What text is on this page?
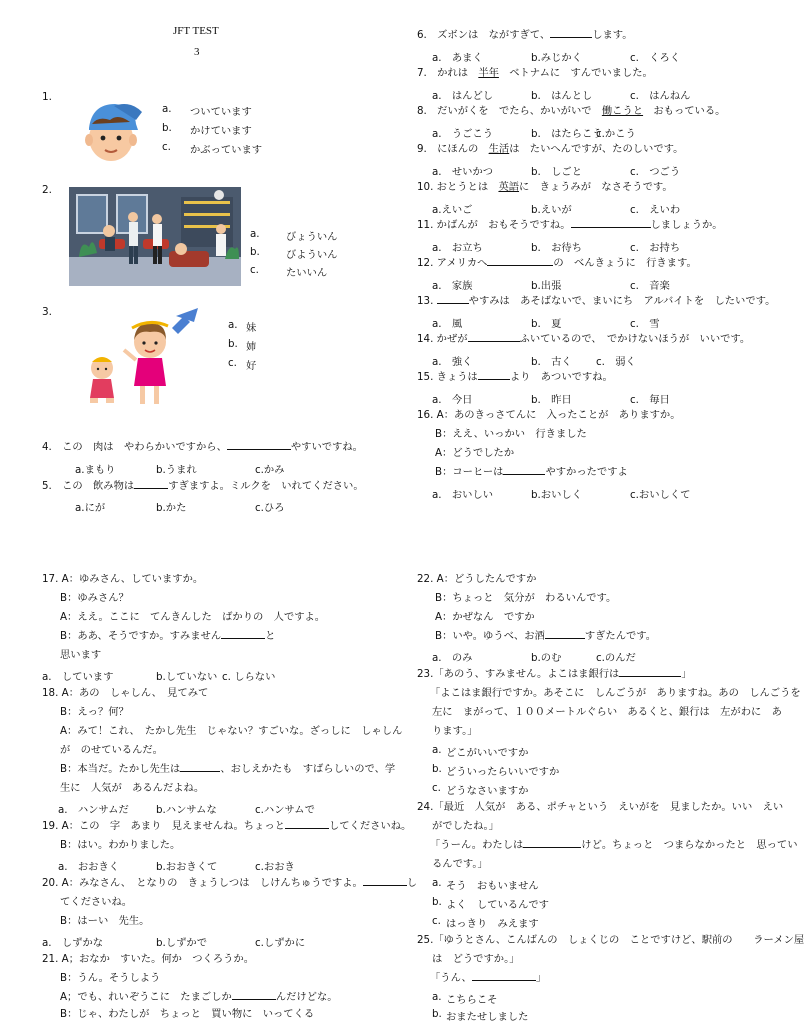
JFT TEST
3
1.
a. ついています
b. かけています
c. かぶっています
2.
a.	びょういん
b.	びよういん
c.	たいいん
3.
a. 妹
b. 姉
c. 好
4.　この　肉は　やわらかいですから、	やすいですね。
a.まもり	b.うまれ	c.かみ
5.　この　飲み物は	すぎますよ。ミルクを　いれてください。
a.にが	b.かた	c.ひろ
6.　ズボンは　ながすぎて、	します。
a.　あまく	b.みじかく	c.　くろく
7.　かれは　半年　ベトナムに　すんでいました。
a.　はんどし	b.　はんとし	c.　はんねん
8.　だいがくを　でたら、かいがいで　働こうと　おもっている。
a.　うごこう	b.　はたらこう
c.かこう
9.　にほんの　生活は　たいへんですが、たのしいです。
a.　せいかつ	b.　しごと	c.　つごう
10. おとうとは　英語に　きょうみが　なさそうです。
a.えいご	b.えいが	c.　えいわ
11. かばんが　おもそうですね。	しましょうか。
a.　お立ち	b.　お待ち	c.　お持ち
12. アメリカへ	の　べんきょうに　行きます。
a.　家族	b.出張	c.　音楽
13.	やすみは　あそばないで、まいにち　アルバイトを　したいです。
a.　風	b.　夏	c.　雪
14. かぜが	ふいているので、　でかけないほうが　いいです。
a.　強く	b.　古く c.　弱く
15. きょうは	より　あついですね。
a.　今日	b.　昨日	c.　毎日
16. A：あのきっさてんに　入ったことが　ありますか。
B：ええ、いっかい　行きました
A：どうでしたか
B：コーヒーは	やすかったですよ
a.　おいしい	b.おいしく	c.おいしくて
17. A：ゆみさん、していますか。
B：ゆみさん？
A：ええ。ここに　てんきんした　ばかりの　人ですよ。
B：ああ、そうですか。すみません	と
思います
a.　しています	b.していない c. しらない
18. A：あの　しゃしん、　見てみて
B：えっ？何？
A：みて！これ、　たかし先生　じゃない？すごいな。ざっしに　しゃしん
が　のせているんだ。
B：本当だ。たかし先生は	、おしえかたも　すばらしいので、学
生に　人気が　あるんだよね。
a.　ハンサムだ	b.ハンサムな	c.ハンサムで
19. A：この　字　あまり　見えませんね。ちょっと	してくださいね。
B：はい。わかりました。
a.　おおきく	b.おおきくて	c.おおき
20. A：みなさん、　となりの　きょうしつは　しけんちゅうですよ。	し
てくださいね。
B：はーい　先生。
a.　しずかな	b.しずかで	c.しずかに
21. A；おなか　すいた。何か　つくろうか。
B：うん。そうしよう
A；でも、れいぞうこに　たまごしか	んだけどな。
B：じゃ、わたしが　ちょっと　買い物に　いってくる
22. A：どうしたんですか
B：ちょっと　気分が　わるいんです。
A：かぜなん　ですか
B：いや。ゆうべ、お酒	すぎたんです。
a.　のみ	b.のむ	c.のんだ
23.「あのう、すみません。よこはま銀行は	」
「よこはま銀行ですか。あそこに　しんごうが　ありますね。あの　しんごうを
左に　まがって、１００メートルぐらい　あるくと、銀行は　左がわに　あ
ります。」
a. どこがいいですか
b. どういったらいいですか
c. どうなさいますか
24.「最近　人気が　ある、ポチャという　えいがを　見ましたか。いい　えい
がでしたね。」
「うーん。わたしは	けど。ちょっと　つまらなかったと　思ってい
るんです。」
a. そう　おもいません
b. よく　しているんです
c. はっきり　みえます
25.「ゆうとさん、こんばんの　しょくじの　ことですけど、駅前の　　ラーメン屋
は　どうですか。」
「うん、	」
a. こちらこそ
b. おまたせしました
